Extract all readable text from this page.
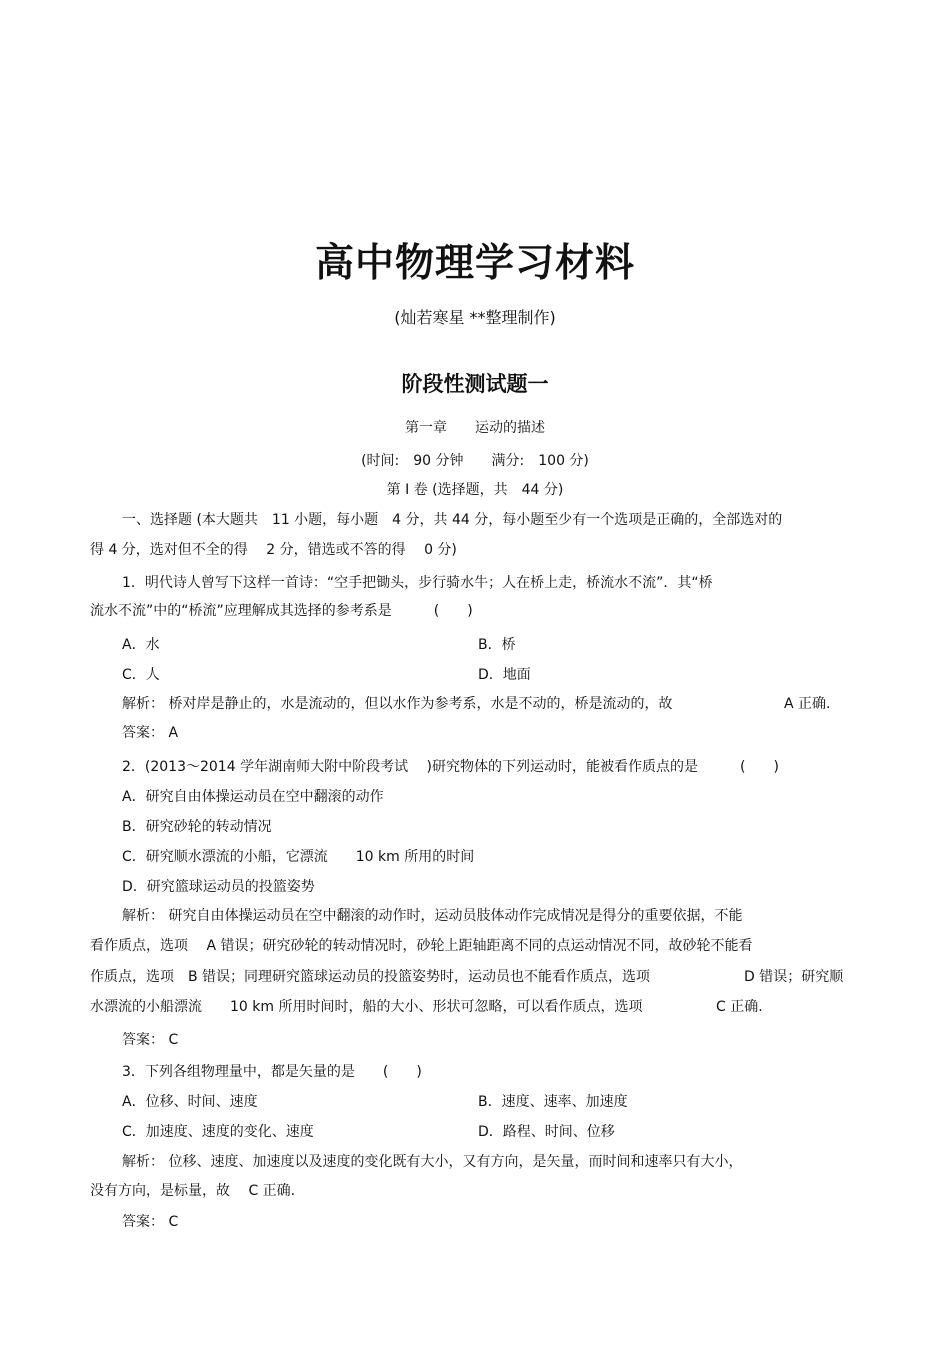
高中物理学习材料

(灿若寒星 **整理制作)

阶段性测试题一

第一章　　运动的描述

(时间:　90 分钟　　满分:　100 分)

第 I 卷 (选择题，共　44 分)

一、选择题 (本大题共　11 小题，每小题　4 分，共 44 分，每小题至少有一个选项是正确的，全部选对的

得 4 分，选对但不全的得　 2 分，错选或不答的得　 0 分)

1．明代诗人曾写下这样一首诗：“空手把锄头，步行骑水牛；人在桥上走，桥流水不流”．其“桥

流水不流”中的“桥流”应理解成其选择的参考系是　　　(　　)

A．水	B．桥

C．人	D．地面

解析： 桥对岸是静止的，水是流动的，但以水作为参考系，水是不动的，桥是流动的，故	A 正确.

答案： A

2．(2013～2014 学年湖南师大附中阶段考试　 )研究物体的下列运动时，能被看作质点的是　　　(　　)

A．研究自由体操运动员在空中翻滚的动作

B．研究砂轮的转动情况

C．研究顺水漂流的小船，它漂流　　10 km 所用的时间

D．研究篮球运动员的投篮姿势

解析： 研究自由体操运动员在空中翻滚的动作时，运动员肢体动作完成情况是得分的重要依据，不能

看作质点，选项　 A 错误；研究砂轮的转动情况时，砂轮上距轴距离不同的点运动情况不同，故砂轮不能看

作质点，选项　B 错误；同理研究篮球运动员的投篮姿势时，运动员也不能看作质点，选项	D 错误；研究顺

水漂流的小船漂流　　10 km 所用时间时，船的大小、形状可忽略，可以看作质点，选项	C 正确.

答案： C

3．下列各组物理量中，都是矢量的是　　(　　)

A．位移、时间、速度	B．速度、速率、加速度

C．加速度、速度的变化、速度	D．路程、时间、位移

解析： 位移、速度、加速度以及速度的变化既有大小，又有方向，是矢量，而时间和速率只有大小，

没有方向，是标量，故　 C 正确.

答案： C
